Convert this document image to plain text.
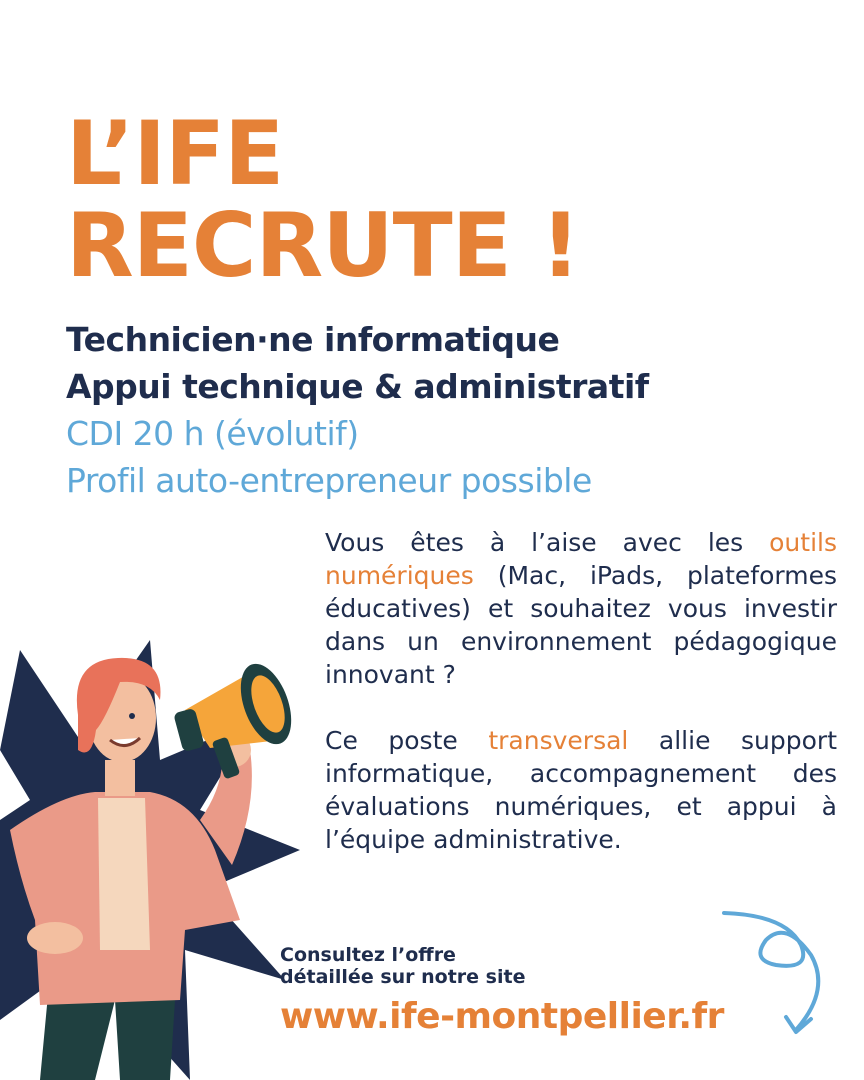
L’IFE
RECRUTE !
Technicien·ne informatique
Appui technique & administratif
CDI 20 h (évolutif)
Profil auto-entrepreneur possible

Vous êtes à l’aise avec les outils numériques (Mac, iPads, plateformes éducatives) et souhaitez vous investir dans un environnement pédagogique innovant ?

Ce poste transversal allie support informatique, accompagnement des évaluations numériques, et appui à l’équipe administrative.

Consultez l’offre
détaillée sur notre site
www.ife-montpellier.fr
